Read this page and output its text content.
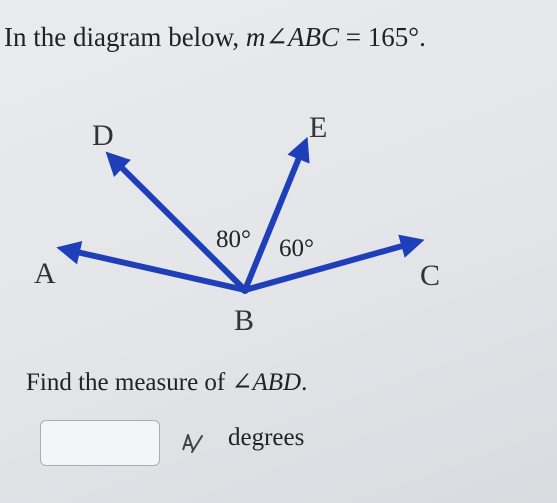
In the diagram below, m∠ABC = 165°.
D	E
A	C
B
80° 60°
Find the measure of ∠ABD.
degrees
